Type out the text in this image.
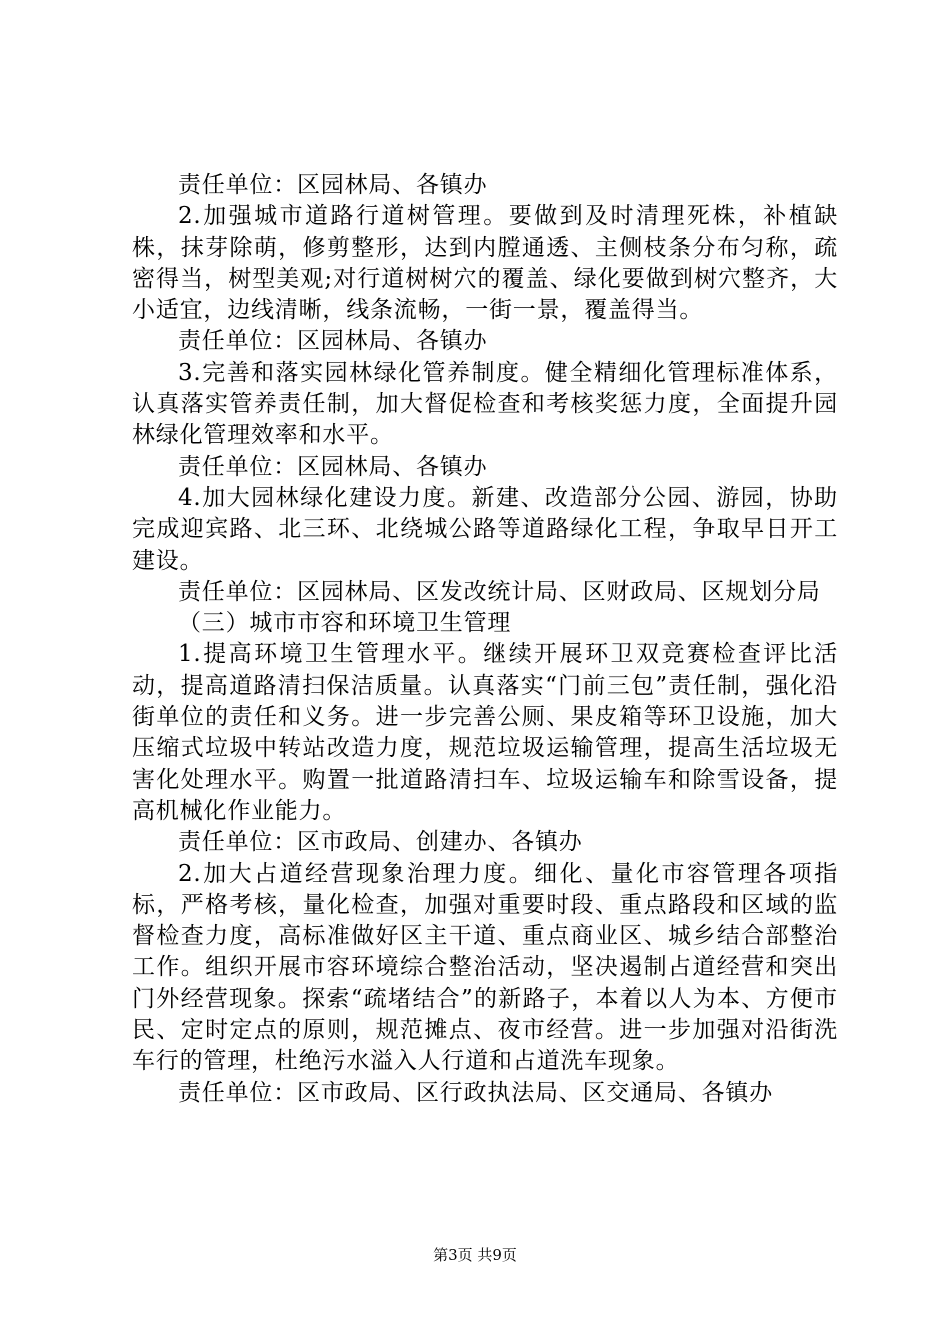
责任单位：区园林局、各镇办

2.加强城市道路行道树管理。要做到及时清理死株，补植缺株，抹芽除萌，修剪整形，达到内膛通透、主侧枝条分布匀称，疏密得当，树型美观;对行道树树穴的覆盖、绿化要做到树穴整齐，大小适宜，边线清晰，线条流畅，一街一景，覆盖得当。

责任单位：区园林局、各镇办

3.完善和落实园林绿化管养制度。健全精细化管理标准体系，认真落实管养责任制，加大督促检查和考核奖惩力度，全面提升园林绿化管理效率和水平。

责任单位：区园林局、各镇办

4.加大园林绿化建设力度。新建、改造部分公园、游园，协助完成迎宾路、北三环、北绕城公路等道路绿化工程，争取早日开工建设。

责任单位：区园林局、区发改统计局、区财政局、区规划分局

（三）城市市容和环境卫生管理

1.提高环境卫生管理水平。继续开展环卫双竞赛检查评比活动，提高道路清扫保洁质量。认真落实“门前三包”责任制，强化沿街单位的责任和义务。进一步完善公厕、果皮箱等环卫设施，加大压缩式垃圾中转站改造力度，规范垃圾运输管理，提高生活垃圾无害化处理水平。购置一批道路清扫车、垃圾运输车和除雪设备，提高机械化作业能力。

责任单位：区市政局、创建办、各镇办

2.加大占道经营现象治理力度。细化、量化市容管理各项指标，严格考核，量化检查，加强对重要时段、重点路段和区域的监督检查力度，高标准做好区主干道、重点商业区、城乡结合部整治工作。组织开展市容环境综合整治活动，坚决遏制占道经营和突出门外经营现象。探索“疏堵结合”的新路子，本着以人为本、方便市民、定时定点的原则，规范摊点、夜市经营。进一步加强对沿街洗车行的管理，杜绝污水溢入人行道和占道洗车现象。

责任单位：区市政局、区行政执法局、区交通局、各镇办

第3页 共9页
